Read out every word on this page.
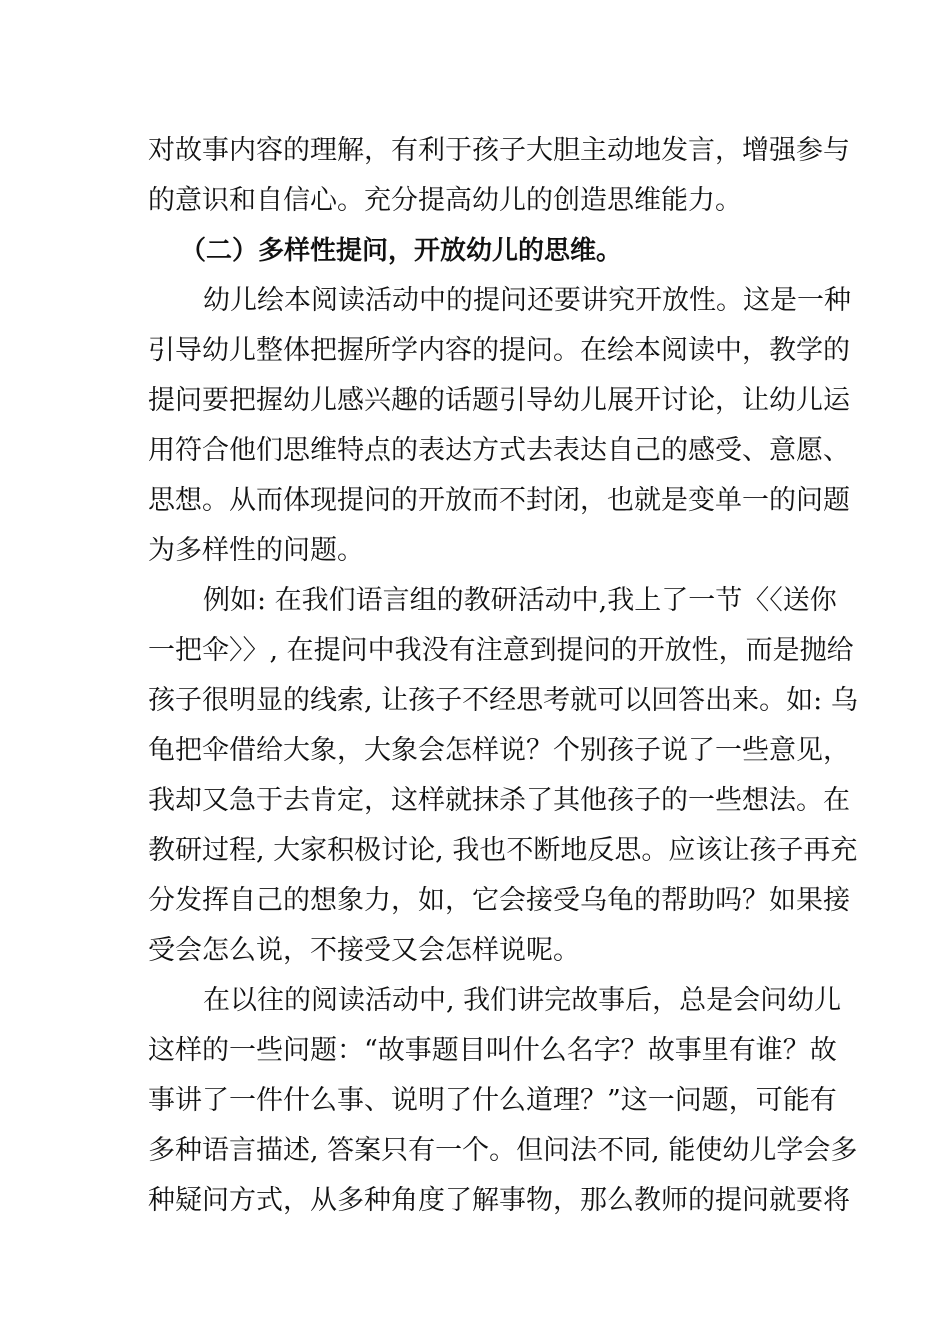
对故事内容的理解，有利于孩子大胆主动地发言，增强参与
的意识和自信心。充分提高幼儿的创造思维能力。
（二）多样性提问，开放幼儿的思维。
幼儿绘本阅读活动中的提问还要讲究开放性。这是一种
引导幼儿整体把握所学内容的提问。在绘本阅读中，教学的
提问要把握幼儿感兴趣的话题引导幼儿展开讨论，让幼儿运
用符合他们思维特点的表达方式去表达自己的感受、意愿、
思想。从而体现提问的开放而不封闭，也就是变单一的问题
为多样性的问题。
例如: 在我们语言组的教研活动中,我上了一节〈〈送你
一把伞〉〉, 在提问中我没有注意到提问的开放性，而是抛给
孩子很明显的线索, 让孩子不经思考就可以回答出来。如: 乌
龟把伞借给大象，大象会怎样说？个别孩子说了一些意见，
我却又急于去肯定，这样就抹杀了其他孩子的一些想法。在
教研过程, 大家积极讨论, 我也不断地反思。应该让孩子再充
分发挥自己的想象力，如，它会接受乌龟的帮助吗？如果接
受会怎么说，不接受又会怎样说呢。
在以往的阅读活动中, 我们讲完故事后，总是会问幼儿
这样的一些问题：“故事题目叫什么名字？故事里有谁？故
事讲了一件什么事、说明了什么道理？”这一问题，可能有
多种语言描述, 答案只有一个。但问法不同, 能使幼儿学会多
种疑问方式，从多种角度了解事物，那么教师的提问就要将
